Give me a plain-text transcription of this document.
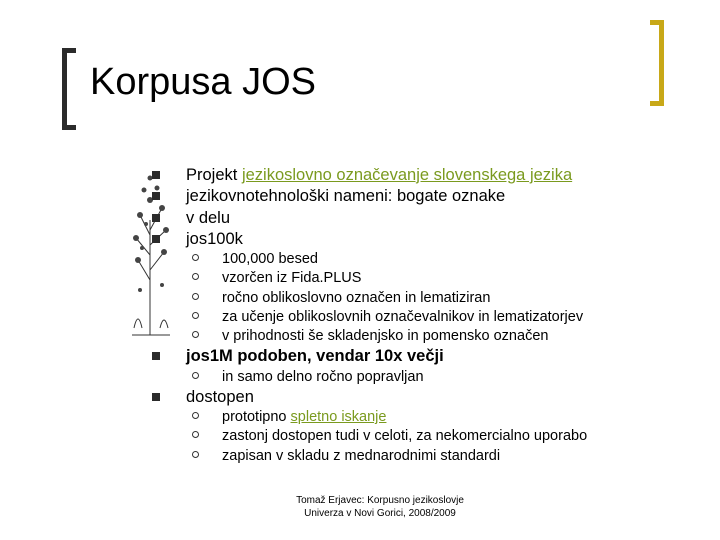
Korpusa JOS
Projekt jezikoslovno označevanje slovenskega jezika
jezikovnotehnološki nameni: bogate oznake
v delu
jos100k
100,000 besed
vzorčen iz Fida.PLUS
ročno oblikoslovno označen in lematiziran
za učenje oblikoslovnih označevalnikov in lematizatorjev
v prihodnosti še skladenjsko in pomensko označen
jos1M podoben, vendar 10x večji
in samo delno ročno popravljan
dostopen
prototipno spletno iskanje
zastonj dostopen tudi v celoti, za nekomercialno uporabo
zapisan v skladu z mednarodnimi standardi
Tomaž Erjavec: Korpusno jezikoslovje
Univerza v Novi Gorici, 2008/2009
